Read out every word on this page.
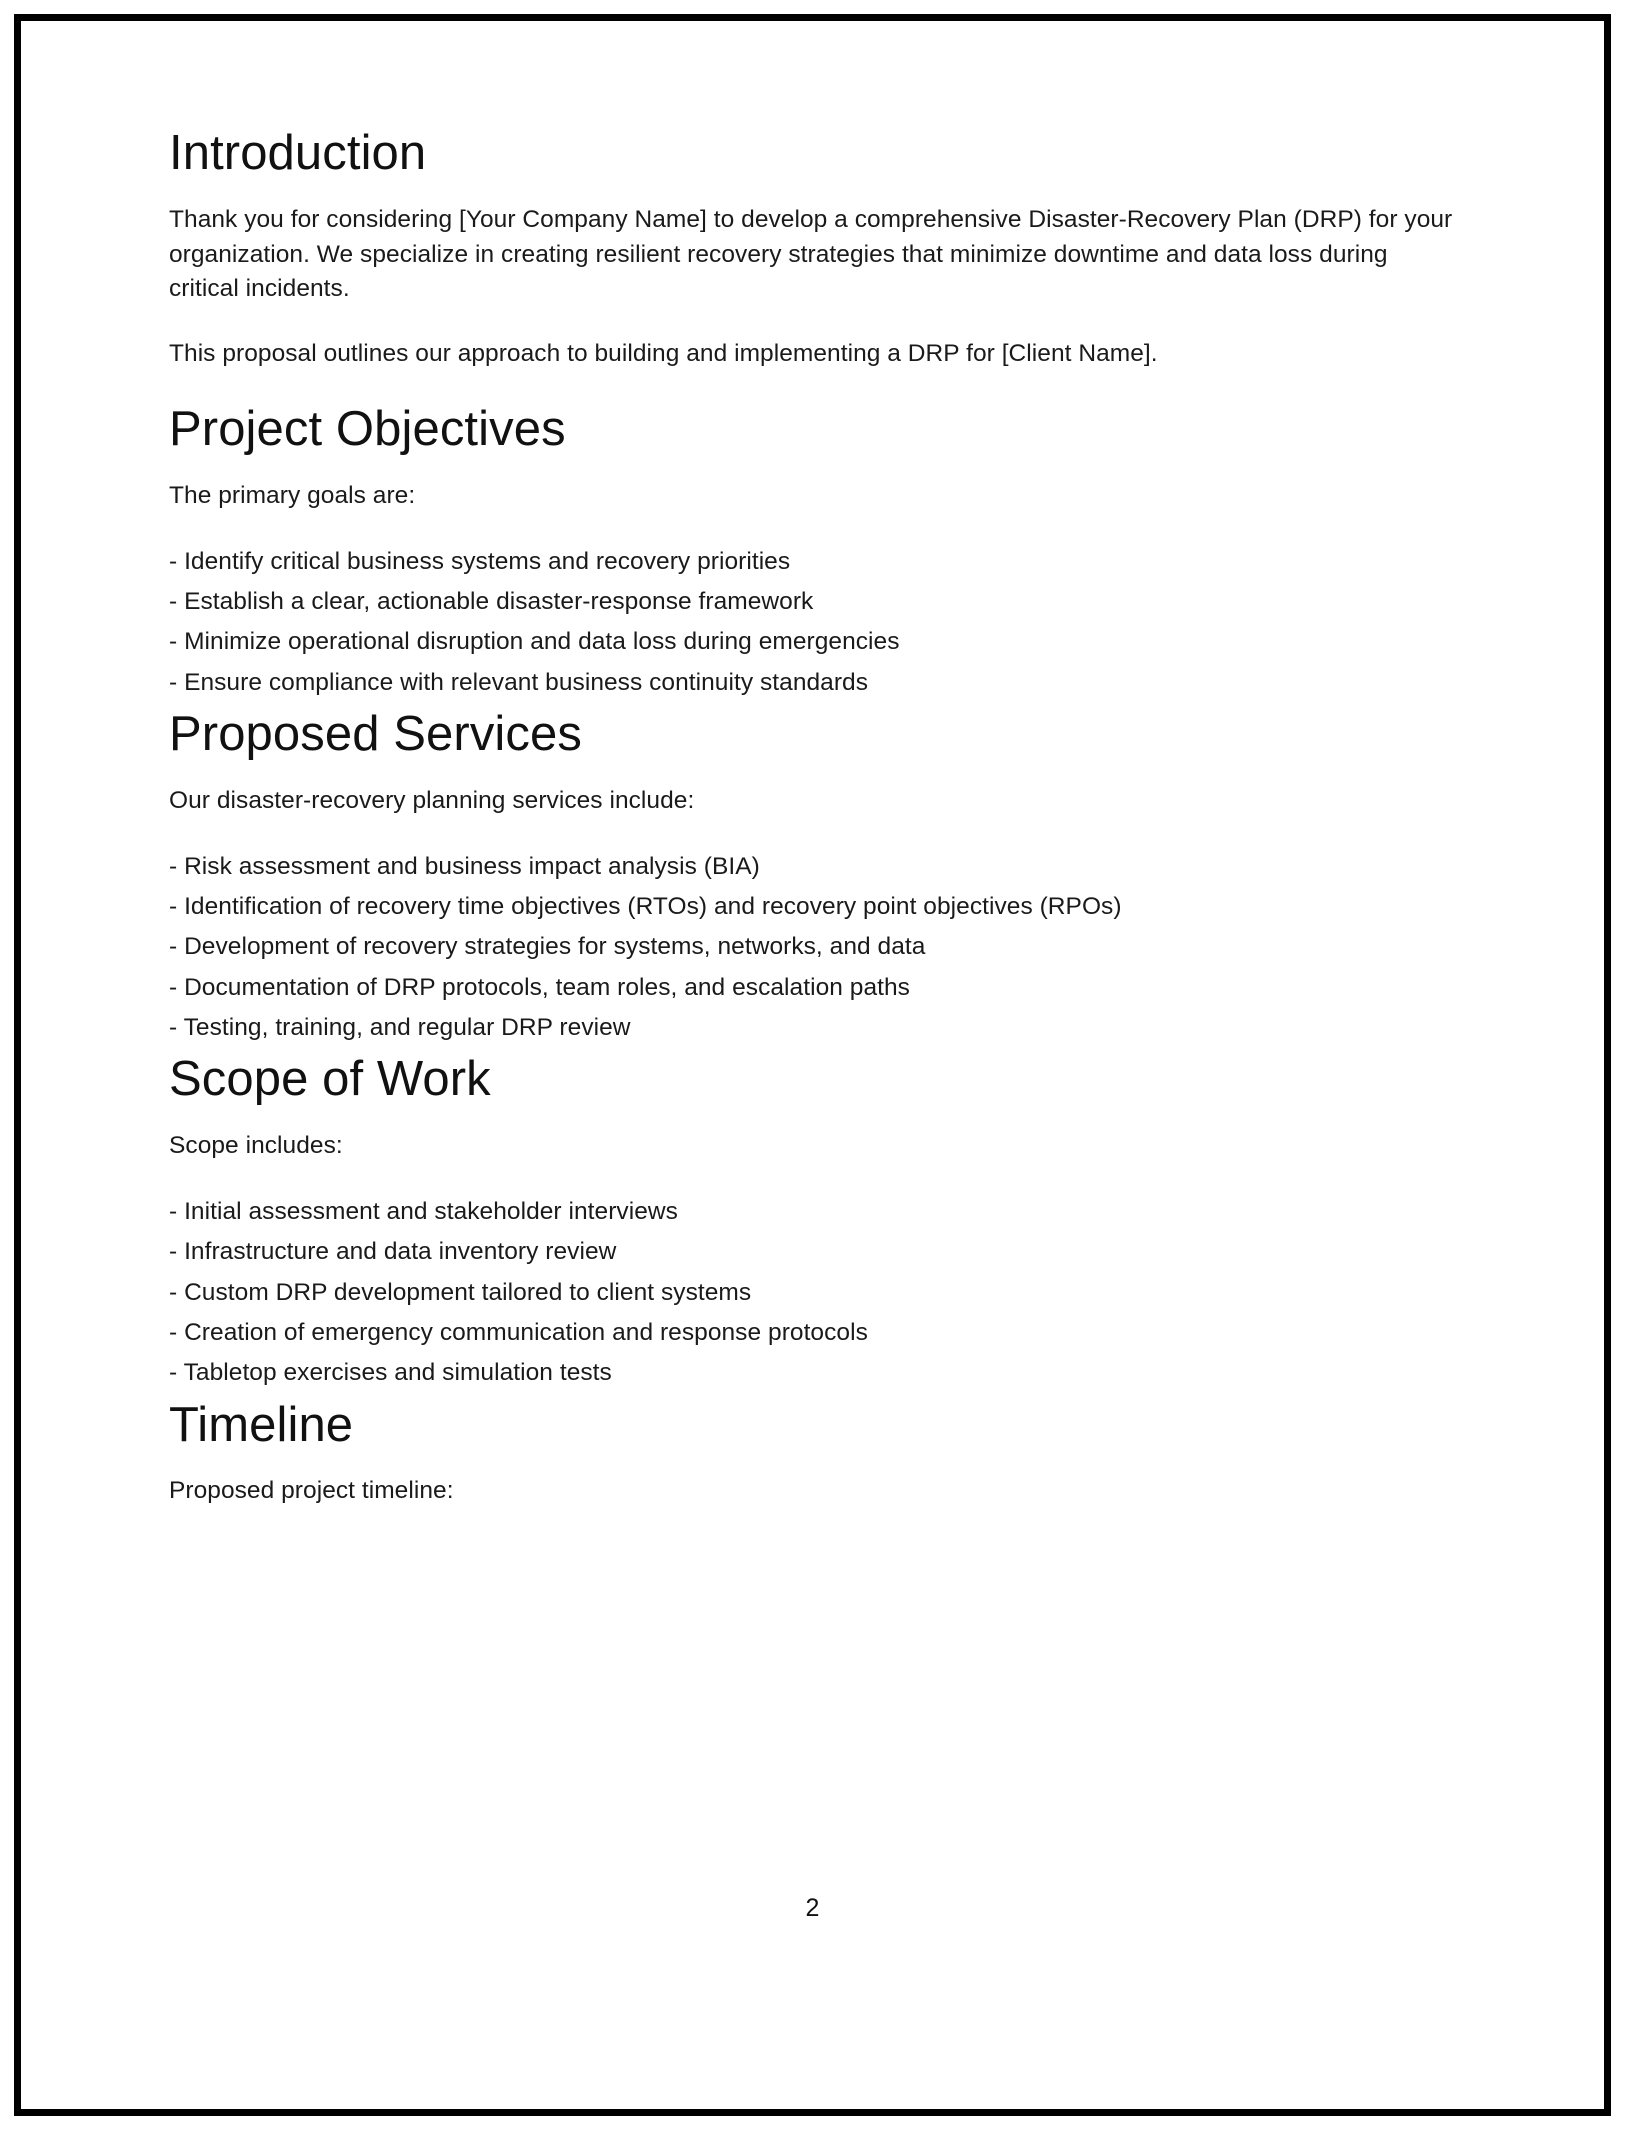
Introduction

Thank you for considering [Your Company Name] to develop a comprehensive Disaster-Recovery Plan (DRP) for your organization. We specialize in creating resilient recovery strategies that minimize downtime and data loss during critical incidents.

This proposal outlines our approach to building and implementing a DRP for [Client Name].

Project Objectives

The primary goals are:

- Identify critical business systems and recovery priorities
- Establish a clear, actionable disaster-response framework
- Minimize operational disruption and data loss during emergencies
- Ensure compliance with relevant business continuity standards
Proposed Services

Our disaster-recovery planning services include:

- Risk assessment and business impact analysis (BIA)
- Identification of recovery time objectives (RTOs) and recovery point objectives (RPOs)
- Development of recovery strategies for systems, networks, and data
- Documentation of DRP protocols, team roles, and escalation paths
- Testing, training, and regular DRP review
Scope of Work

Scope includes:

- Initial assessment and stakeholder interviews
- Infrastructure and data inventory review
- Custom DRP development tailored to client systems
- Creation of emergency communication and response protocols
- Tabletop exercises and simulation tests
Timeline

Proposed project timeline:

2
